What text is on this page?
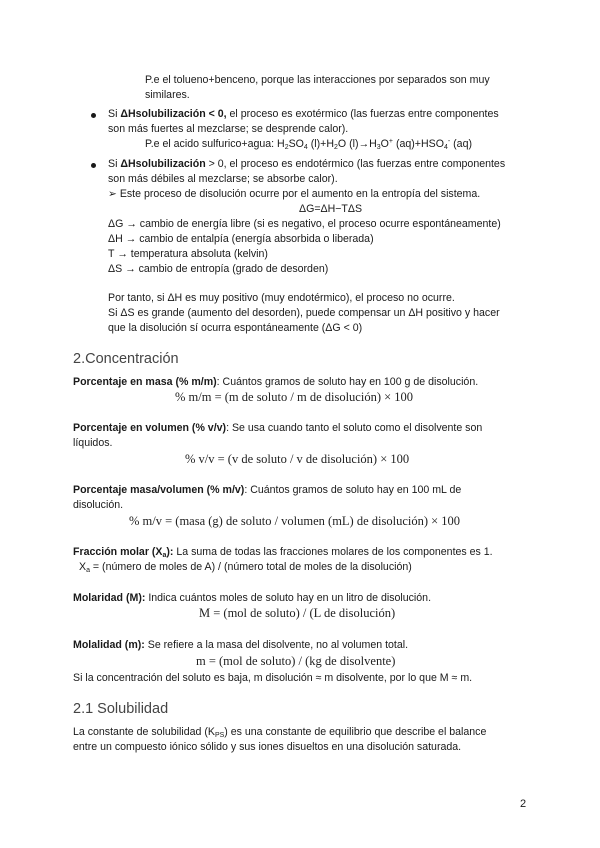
P.e el tolueno+benceno, porque las interacciones por separados son muy
similares.
Si ΔHsolubilización < 0, el proceso es exotérmico (las fuerzas entre componentes
son más fuertes al mezclarse; se desprende calor).
P.e el acido sulfurico+agua: $H_2SO_4$ $(l)+H_2O$ $(l)\to H_3O^+$ $(aq)+HSO_4^-$ (aq)
Si ΔHsolubilización > 0, el proceso es endotérmico (las fuerzas entre componentes
son más débiles al mezclarse; se absorbe calor).
➢ Este proceso de disolución ocurre por el aumento en la entropía del sistema.
ΔG=ΔH−TΔS
ΔG → cambio de energía libre (si es negativo, el proceso ocurre espontáneamente)
ΔH → cambio de entalpía (energía absorbida o liberada)
T → temperatura absoluta (kelvin)
ΔS → cambio de entropía (grado de desorden)
Por tanto, si ΔH es muy positivo (muy endotérmico), el proceso no ocurre.
Si ΔS es grande (aumento del desorden), puede compensar un ΔH positivo y hacer
que la disolución sí ocurra espontáneamente (ΔG < 0)
2.Concentración
Porcentaje en masa (% m/m): Cuántos gramos de soluto hay en 100 g de disolución.
% m/m = (m de soluto / m de disolución) × 100
Porcentaje en volumen (% v/v): Se usa cuando tanto el soluto como el disolvente son
líquidos.
% v/v = (v de soluto / v de disolución) × 100
Porcentaje masa/volumen (% m/v): Cuántos gramos de soluto hay en 100 mL de
disolución.
% m/v = (masa (g) de soluto / volumen (mL) de disolución) × 100
Fracción molar $(X_a)$: La suma de todas las fracciones molares de los componentes es 1.
$X_a$ = (número de moles de A) / (número total de moles de la disolución)
Molaridad (M): Indica cuántos moles de soluto hay en un litro de disolución.
M = (mol de soluto) / (L de disolución)
Molalidad (m): Se refiere a la masa del disolvente, no al volumen total.
m = (mol de soluto) / (kg de disolvente)
Si la concentración del soluto es baja, m disolución ≈ m disolvente, por lo que M ≈ m.
2.1 Solubilidad
La constante de solubilidad $(K_{PS})$ es una constante de equilibrio que describe el balance
entre un compuesto iónico sólido y sus iones disueltos en una disolución saturada.
2
